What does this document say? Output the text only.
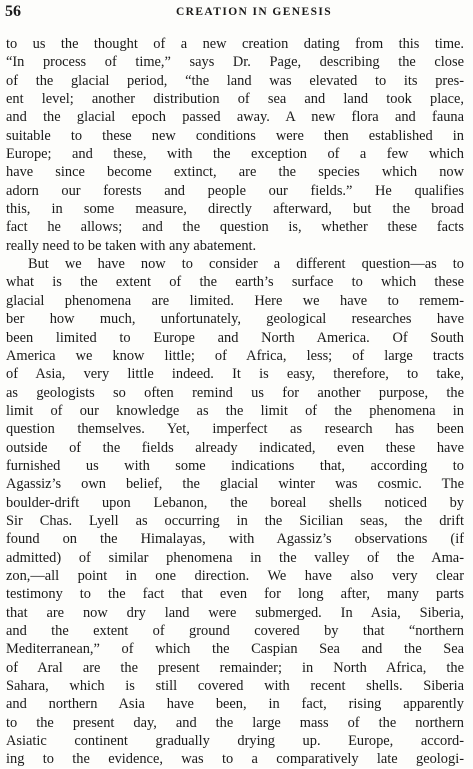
56	CREATION IN GENESIS
to us the thought of a new creation dating from this time.
“In process of time,” says Dr. Page, describing the close
of the glacial period, “the land was elevated to its pres-
ent level; another distribution of sea and land took place,
and the glacial epoch passed away. A new flora and fauna
suitable to these new conditions were then established in
Europe; and these, with the exception of a few which
have since become extinct, are the species which now
adorn our forests and people our fields.” He qualifies
this, in some measure, directly afterward, but the broad
fact he allows; and the question is, whether these facts
really need to be taken with any abatement.
But we have now to consider a different question—as to
what is the extent of the earth’s surface to which these
glacial phenomena are limited. Here we have to remem-
ber how much, unfortunately, geological researches have
been limited to Europe and North America. Of South
America we know little; of Africa, less; of large tracts
of Asia, very little indeed. It is easy, therefore, to take,
as geologists so often remind us for another purpose, the
limit of our knowledge as the limit of the phenomena in
question themselves. Yet, imperfect as research has been
outside of the fields already indicated, even these have
furnished us with some indications that, according to
Agassiz’s own belief, the glacial winter was cosmic. The
boulder-drift upon Lebanon, the boreal shells noticed by
Sir Chas. Lyell as occurring in the Sicilian seas, the drift
found on the Himalayas, with Agassiz’s observations (if
admitted) of similar phenomena in the valley of the Ama-
zon,—all point in one direction. We have also very clear
testimony to the fact that even for long after, many parts
that are now dry land were submerged. In Asia, Siberia,
and the extent of ground covered by that “northern
Mediterranean,” of which the Caspian Sea and the Sea
of Aral are the present remainder; in North Africa, the
Sahara, which is still covered with recent shells. Siberia
and northern Asia have been, in fact, rising apparently
to the present day, and the large mass of the northern
Asiatic continent gradually drying up. Europe, accord-
ing to the evidence, was to a comparatively late geologi-
